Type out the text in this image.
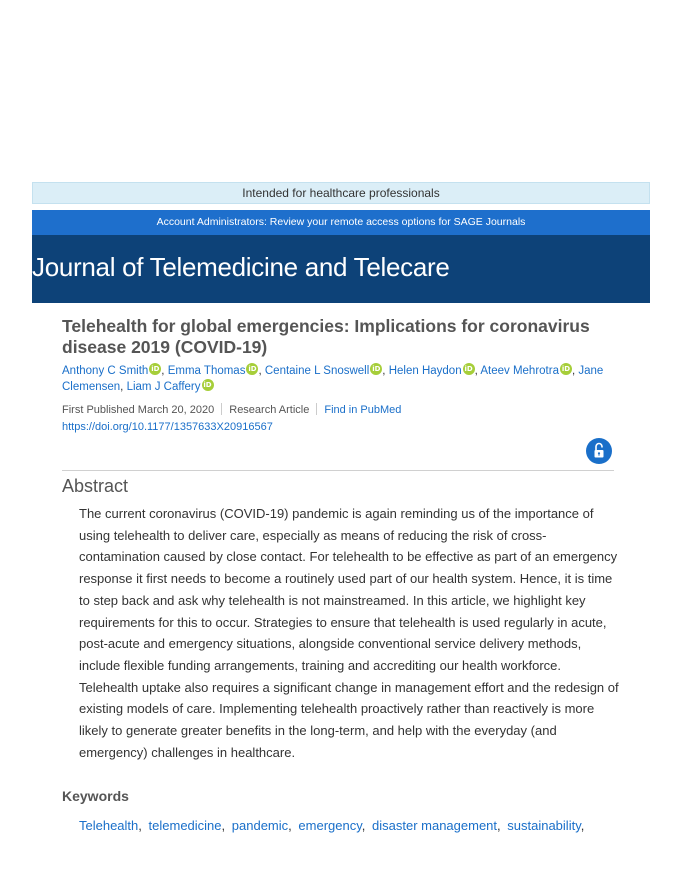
Intended for healthcare professionals
Account Administrators: Review your remote access options for SAGE Journals
Journal of Telemedicine and Telecare
Telehealth for global emergencies: Implications for coronavirus disease 2019 (COVID-19)
Anthony C Smith iD , Emma Thomas iD , Centaine L Snoswell iD , Helen Haydon iD , Ateev Mehrotra iD , Jane Clemensen, Liam J Caffery iD
First Published March 20, 2020 Research Article Find in PubMed
https://doi.org/10.1177/1357633X20916567
Abstract

The current coronavirus (COVID-19) pandemic is again reminding us of the importance of using telehealth to deliver care, especially as means of reducing the risk of cross-contamination caused by close contact. For telehealth to be effective as part of an emergency response it first needs to become a routinely used part of our health system. Hence, it is time to step back and ask why telehealth is not mainstreamed. In this article, we highlight key requirements for this to occur. Strategies to ensure that telehealth is used regularly in acute, post-acute and emergency situations, alongside conventional service delivery methods, include flexible funding arrangements, training and accrediting our health workforce. Telehealth uptake also requires a significant change in management effort and the redesign of existing models of care. Implementing telehealth proactively rather than reactively is more likely to generate greater benefits in the long-term, and help with the everyday (and emergency) challenges in healthcare.

Keywords
Telehealth, telemedicine, pandemic, emergency, disaster management, sustainability,
